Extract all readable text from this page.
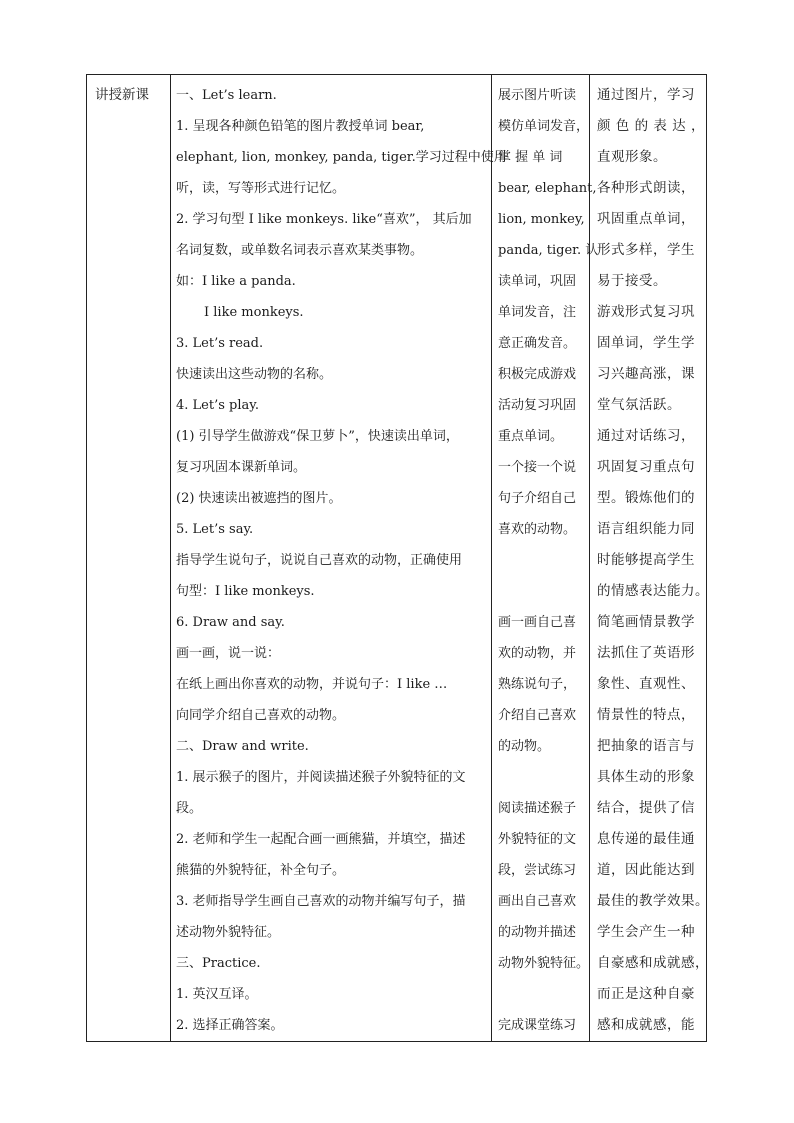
讲授新课	一、Let’s learn.
1. 呈现各种颜色铅笔的图片教授单词 bear,
elephant, lion, monkey, panda, tiger.学习过程中使用
听，读，写等形式进行记忆。
2. 学习句型 I like monkeys. like“喜欢”， 其后加
名词复数，或单数名词表示喜欢某类事物。
如：I like a panda.
I like monkeys.
3. Let’s read.
快速读出这些动物的名称。
4. Let’s play.
(1) 引导学生做游戏“保卫萝卜”，快速读出单词，
复习巩固本课新单词。
(2) 快速读出被遮挡的图片。
5. Let’s say.
指导学生说句子，说说自己喜欢的动物，正确使用
句型：I like monkeys.
6. Draw and say.
画一画，说一说：
在纸上画出你喜欢的动物，并说句子：I like …
向同学介绍自己喜欢的动物。
二、Draw and write.
1. 展示猴子的图片，并阅读描述猴子外貌特征的文
段。
2. 老师和学生一起配合画一画熊猫，并填空，描述
熊猫的外貌特征，补全句子。
3. 老师指导学生画自己喜欢的动物并编写句子，描
述动物外貌特征。
三、Practice.
1. 英汉互译。
2. 选择正确答案。
展示图片听读
模仿单词发音，
掌 握 单 词
bear, elephant,
lion, monkey,
panda, tiger. 认
读单词，巩固
单词发音，注
意正确发音。
积极完成游戏
活动复习巩固
重点单词。
一个接一个说
句子介绍自己
喜欢的动物。
画一画自己喜
欢的动物，并
熟练说句子，
介绍自己喜欢
的动物。
阅读描述猴子
外貌特征的文
段，尝试练习
画出自己喜欢
的动物并描述
动物外貌特征。
完成课堂练习
通过图片，学习
颜 色 的 表 达 ，
直观形象。
各种形式朗读，
巩固重点单词，
形式多样，学生
易于接受。
游戏形式复习巩
固单词，学生学
习兴趣高涨，课
堂气氛活跃。
通过对话练习，
巩固复习重点句
型。锻炼他们的
语言组织能力同
时能够提高学生
的情感表达能力。
简笔画情景教学
法抓住了英语形
象性、直观性、
情景性的特点，
把抽象的语言与
具体生动的形象
结合，提供了信
息传递的最佳通
道，因此能达到
最佳的教学效果。
学生会产生一种
自豪感和成就感，
而正是这种自豪
感和成就感，能
